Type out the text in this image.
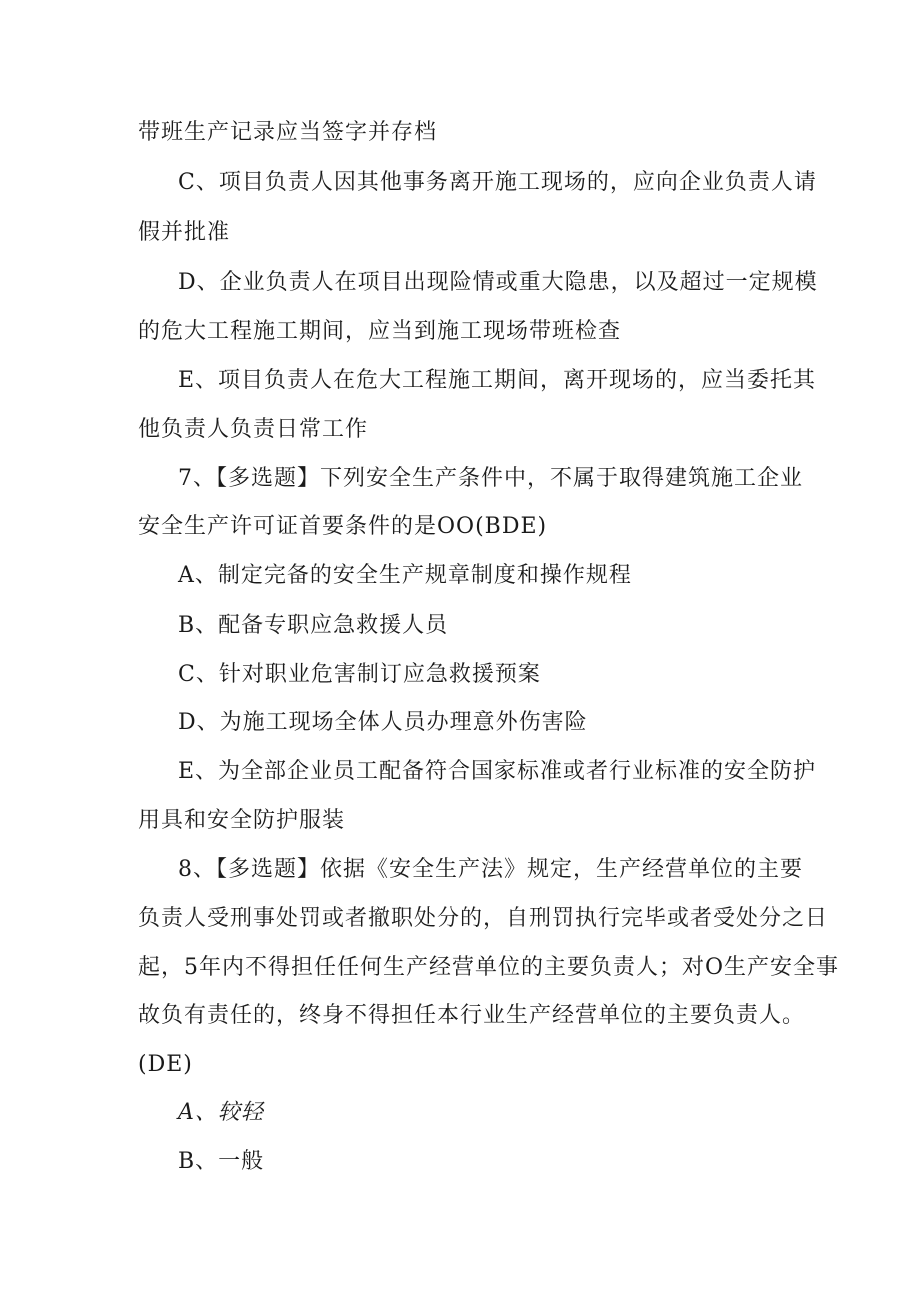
带班生产记录应当签字并存档
C、项目负责人因其他事务离开施工现场的，应向企业负责人请
假并批准
D、企业负责人在项目出现险情或重大隐患，以及超过一定规模
的危大工程施工期间，应当到施工现场带班检查
E、项目负责人在危大工程施工期间，离开现场的，应当委托其
他负责人负责日常工作
7、【多选题】下列安全生产条件中，不属于取得建筑施工企业
安全生产许可证首要条件的是OO(BDE)
A、制定完备的安全生产规章制度和操作规程
B、配备专职应急救援人员
C、针对职业危害制订应急救援预案
D、为施工现场全体人员办理意外伤害险
E、为全部企业员工配备符合国家标准或者行业标准的安全防护
用具和安全防护服装
8、【多选题】依据《安全生产法》规定，生产经营单位的主要
负责人受刑事处罚或者撤职处分的，自刑罚执行完毕或者受处分之日
起，5年内不得担任任何生产经营单位的主要负责人；对O生产安全事
故负有责任的，终身不得担任本行业生产经营单位的主要负责人。
(DE)
A、较轻
B、一般
